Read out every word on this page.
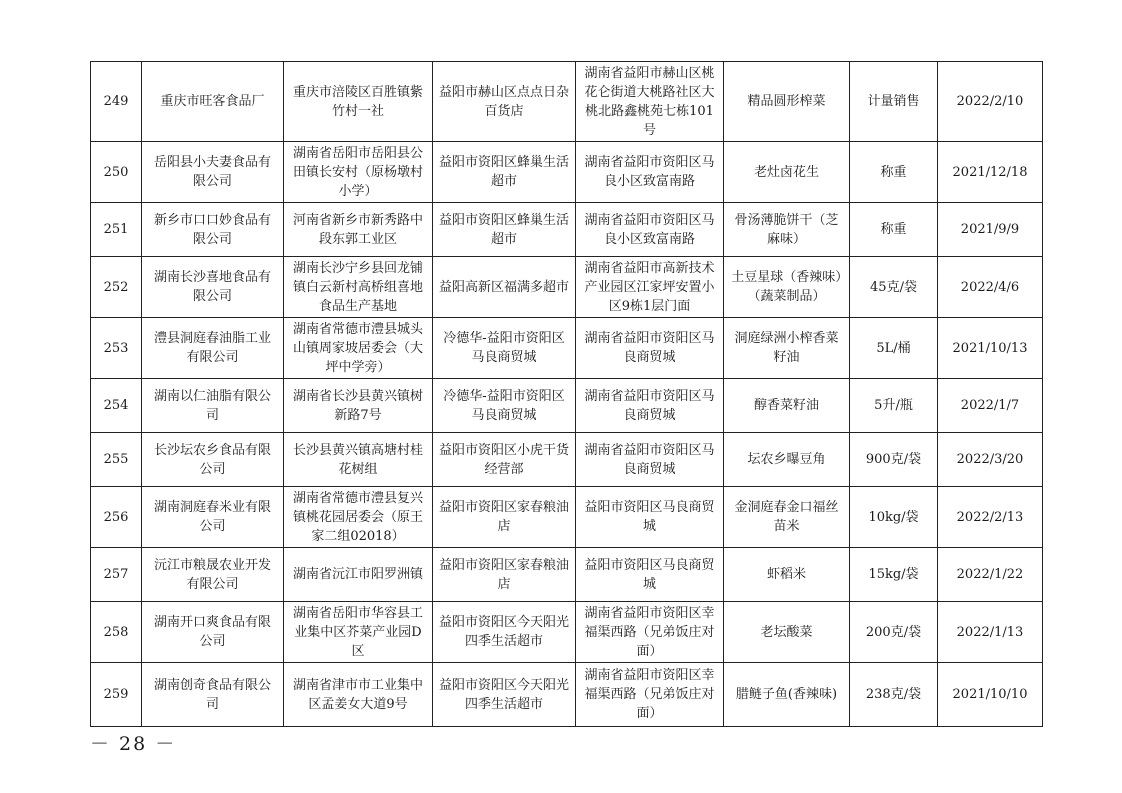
249	重庆市旺客食品厂	重庆市涪陵区百胜镇紫竹村一社	益阳市赫山区点点日杂百货店	湖南省益阳市赫山区桃花仑街道大桃路社区大桃北路鑫桃苑七栋101号	精品圆形榨菜	计量销售	2022/2/10
250	岳阳县小夫妻食品有限公司	湖南省岳阳市岳阳县公田镇长安村（原杨墩村小学）	益阳市资阳区蜂巢生活超市	湖南省益阳市资阳区马良小区致富南路	老灶卤花生	称重	2021/12/18
251	新乡市口口妙食品有限公司	河南省新乡市新秀路中段东郭工业区	益阳市资阳区蜂巢生活超市	湖南省益阳市资阳区马良小区致富南路	骨汤薄脆饼干（芝麻味）	称重	2021/9/9
252	湖南长沙喜地食品有限公司	湖南长沙宁乡县回龙铺镇白云新村高桥组喜地食品生产基地	益阳高新区福满多超市	湖南省益阳市高新技术产业园区江家坪安置小区9栋1层门面	土豆星球（香辣味）（蔬菜制品）	45克/袋	2022/4/6
253	澧县洞庭春油脂工业有限公司	湖南省常德市澧县城头山镇周家坡居委会（大坪中学旁）	冷德华-益阳市资阳区马良商贸城	湖南省益阳市资阳区马良商贸城	洞庭绿洲小榨香菜籽油	5L/桶	2021/10/13
254	湖南以仁油脂有限公司	湖南省长沙县黄兴镇树新路7号	冷德华-益阳市资阳区马良商贸城	湖南省益阳市资阳区马良商贸城	醇香菜籽油	5升/瓶	2022/1/7
255	长沙坛农乡食品有限公司	长沙县黄兴镇高塘村桂花树组	益阳市资阳区小虎干货经营部	湖南省益阳市资阳区马良商贸城	坛农乡曝豆角	900克/袋	2022/3/20
256	湖南洞庭春米业有限公司	湖南省常德市澧县复兴镇桃花园居委会（原王家二组02018）	益阳市资阳区家春粮油店	益阳市资阳区马良商贸城	金洞庭春金口福丝苗米	10kg/袋	2022/2/13
257	沅江市粮晟农业开发有限公司	湖南省沅江市阳罗洲镇	益阳市资阳区家春粮油店	益阳市资阳区马良商贸城	虾稻米	15kg/袋	2022/1/22
258	湖南开口爽食品有限公司	湖南省岳阳市华容县工业集中区芥菜产业园D区	益阳市资阳区今天阳光四季生活超市	湖南省益阳市资阳区幸福渠西路（兄弟饭庄对面）	老坛酸菜	200克/袋	2022/1/13
259	湖南创奇食品有限公司	湖南省津市市工业集中区孟姜女大道9号	益阳市资阳区今天阳光四季生活超市	湖南省益阳市资阳区幸福渠西路（兄弟饭庄对面）	腊鲢子鱼(香辣味)	238克/袋	2021/10/10
－ 28 －
